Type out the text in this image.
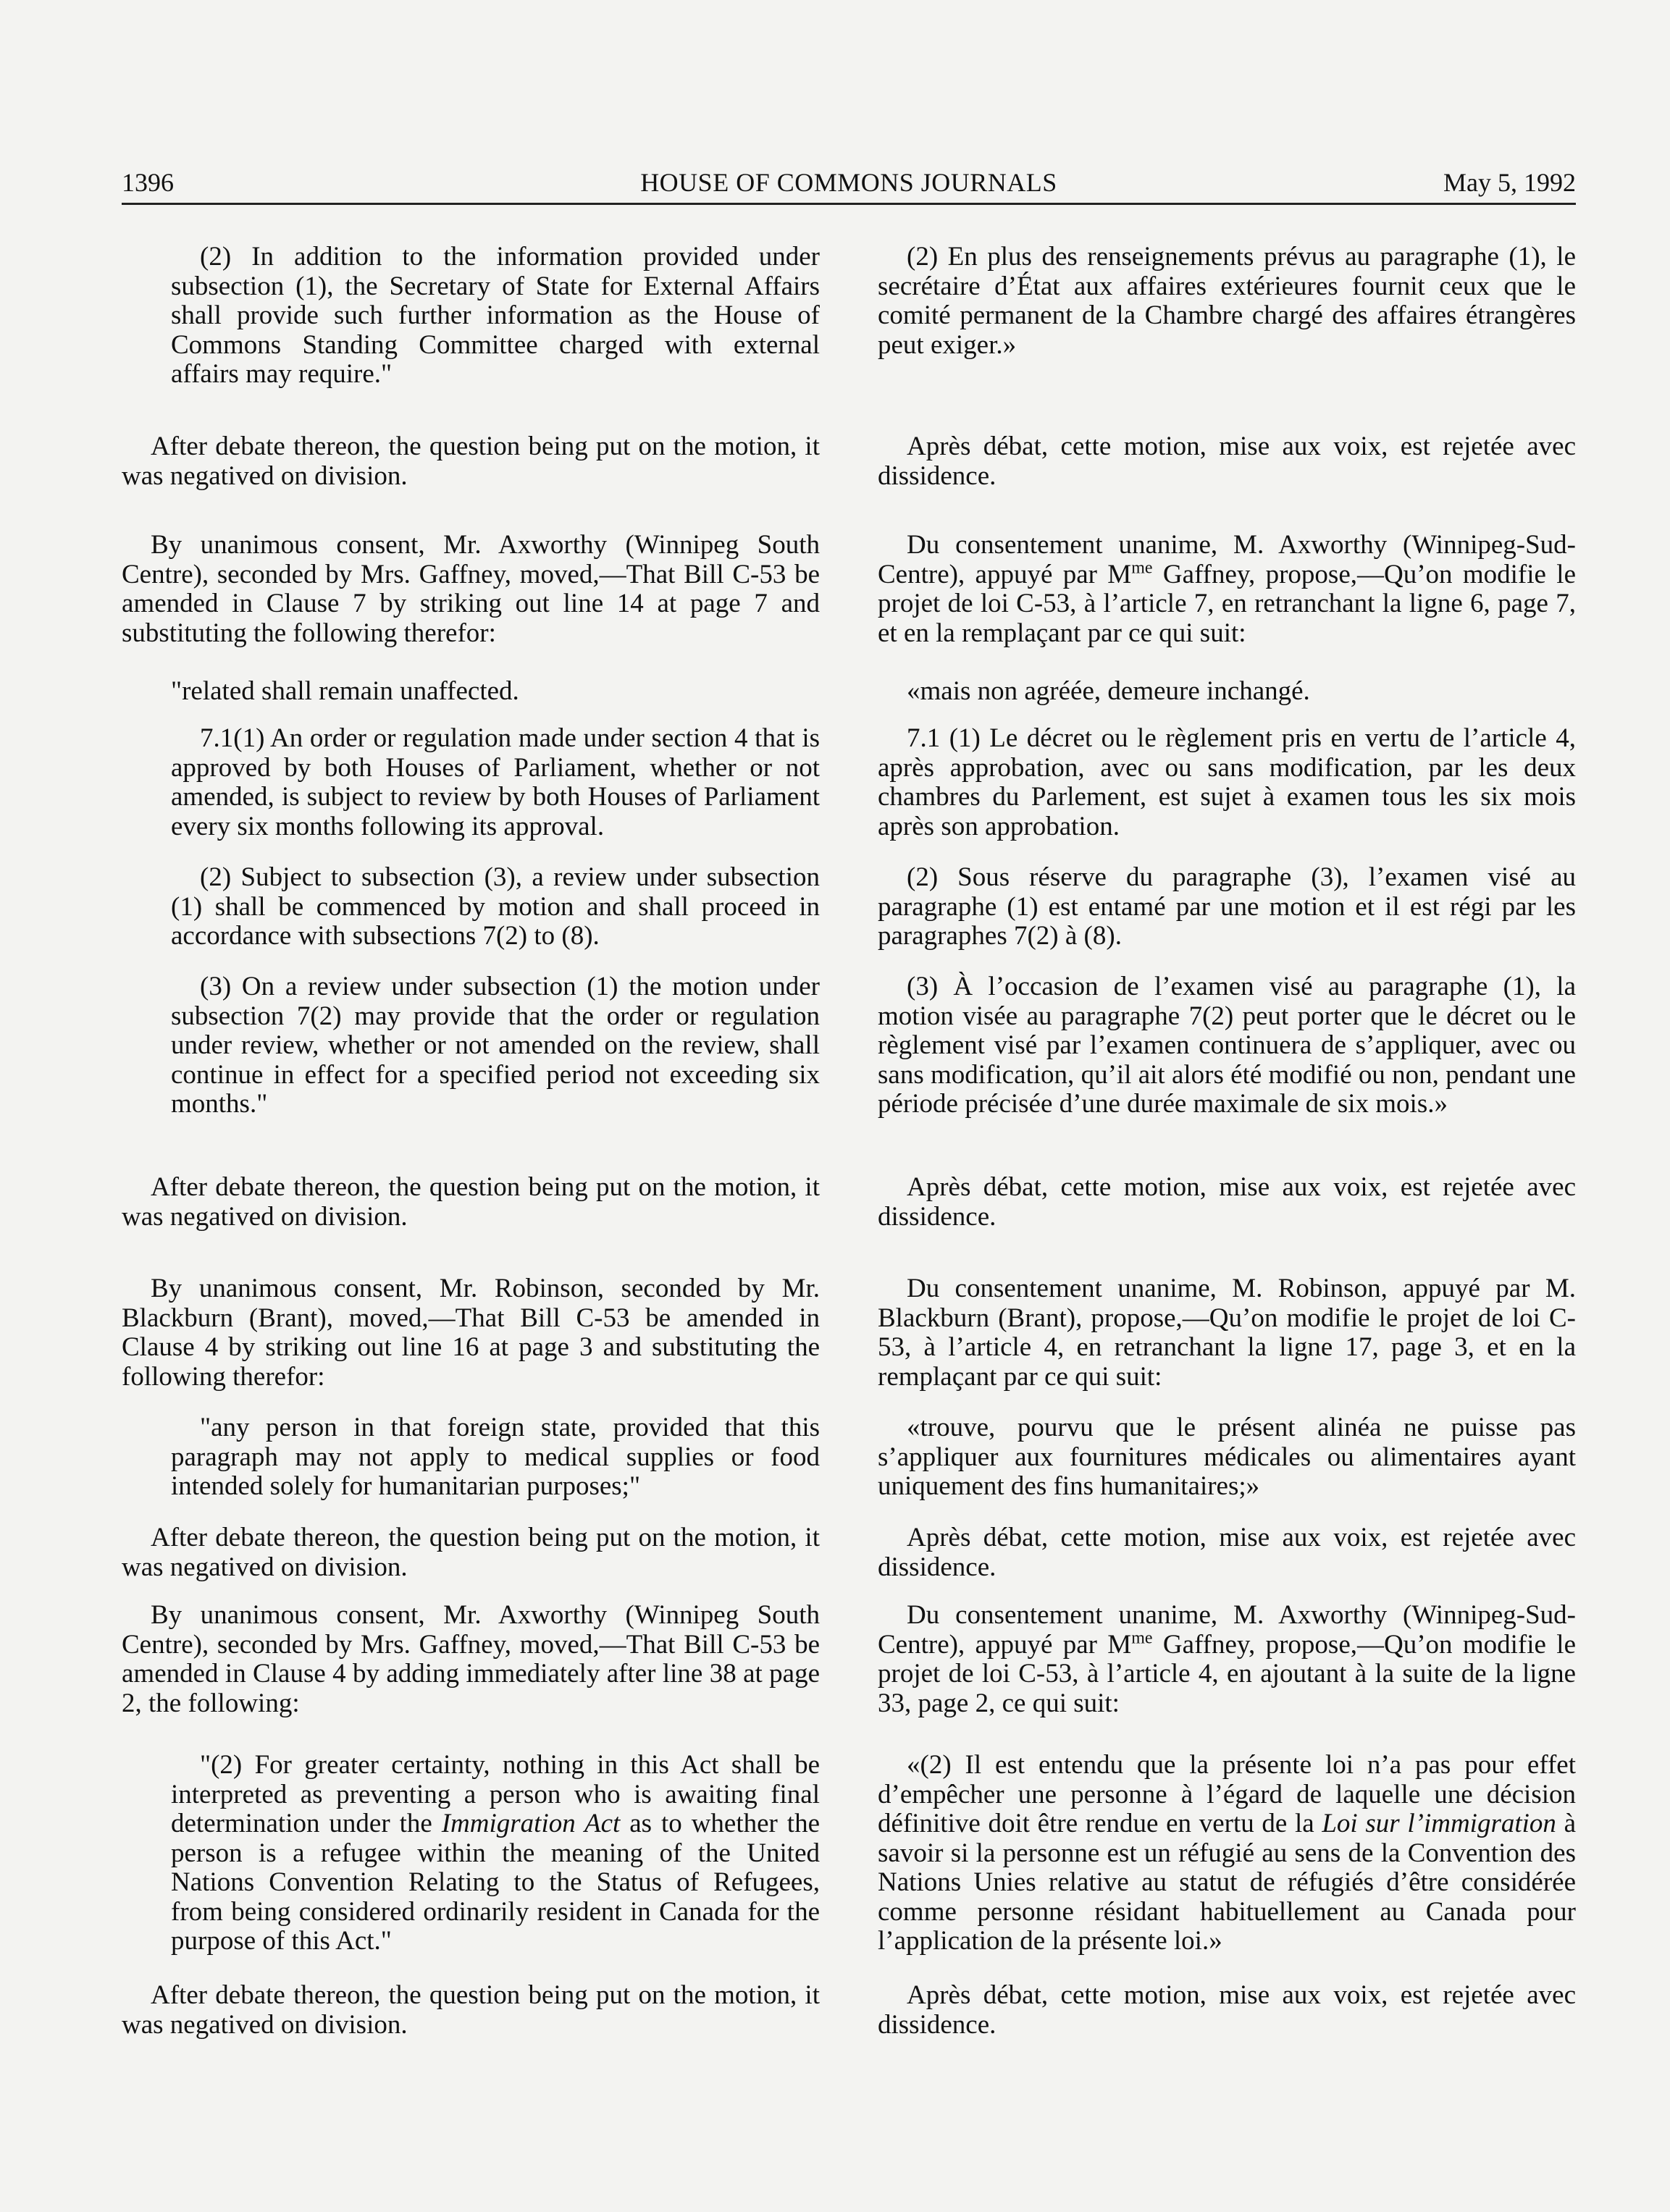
HOUSE OF COMMONS JOURNALS
1396	May 5, 1992

(2) In addition to the information provided under subsection (1), the Secretary of State for External Affairs shall provide such further information as the House of Commons Standing Committee charged with external affairs may require."

After debate thereon, the question being put on the motion, it was negatived on division.

By unanimous consent, Mr. Axworthy (Winnipeg South Centre), seconded by Mrs. Gaffney, moved,—That Bill C-53 be amended in Clause 7 by striking out line 14 at page 7 and substituting the following therefor:

"related shall remain unaffected.

7.1(1) An order or regulation made under section 4 that is approved by both Houses of Parliament, whether or not amended, is subject to review by both Houses of Parliament every six months following its approval.

(2) Subject to subsection (3), a review under subsection (1) shall be commenced by motion and shall proceed in accordance with subsections 7(2) to (8).

(3) On a review under subsection (1) the motion under subsection 7(2) may provide that the order or regulation under review, whether or not amended on the review, shall continue in effect for a specified period not exceeding six months."

After debate thereon, the question being put on the motion, it was negatived on division.

By unanimous consent, Mr. Robinson, seconded by Mr. Blackburn (Brant), moved,—That Bill C-53 be amended in Clause 4 by striking out line 16 at page 3 and substituting the following therefor:

"any person in that foreign state, provided that this paragraph may not apply to medical supplies or food intended solely for humanitarian purposes;"

After debate thereon, the question being put on the motion, it was negatived on division.

By unanimous consent, Mr. Axworthy (Winnipeg South Centre), seconded by Mrs. Gaffney, moved,—That Bill C-53 be amended in Clause 4 by adding immediately after line 38 at page 2, the following:

"(2) For greater certainty, nothing in this Act shall be interpreted as preventing a person who is awaiting final determination under the Immigration Act as to whether the person is a refugee within the meaning of the United Nations Convention Relating to the Status of Refugees, from being considered ordinarily resident in Canada for the purpose of this Act."

After debate thereon, the question being put on the motion, it was negatived on division.

(2) En plus des renseignements prévus au paragraphe (1), le secrétaire d’État aux affaires extérieures fournit ceux que le comité permanent de la Chambre chargé des affaires étrangères peut exiger.»

Après débat, cette motion, mise aux voix, est rejetée avec dissidence.

Du consentement unanime, M. Axworthy (Winnipeg-Sud-Centre), appuyé par $M^{me}$ Gaffney, propose,—Qu’on modifie le projet de loi C-53, à l’article 7, en retranchant la ligne 6, page 7, et en la remplaçant par ce qui suit:

«mais non agréée, demeure inchangé.

7.1 (1) Le décret ou le règlement pris en vertu de l’article 4, après approbation, avec ou sans modification, par les deux chambres du Parlement, est sujet à examen tous les six mois après son approbation.

(2) Sous réserve du paragraphe (3), l’examen visé au paragraphe (1) est entamé par une motion et il est régi par les paragraphes 7(2) à (8).

(3) À l’occasion de l’examen visé au paragraphe (1), la motion visée au paragraphe 7(2) peut porter que le décret ou le règlement visé par l’examen continuera de s’appliquer, avec ou sans modification, qu’il ait alors été modifié ou non, pendant une période précisée d’une durée maximale de six mois.»

Après débat, cette motion, mise aux voix, est rejetée avec dissidence.

Du consentement unanime, M. Robinson, appuyé par M. Blackburn (Brant), propose,—Qu’on modifie le projet de loi C-53, à l’article 4, en retranchant la ligne 17, page 3, et en la remplaçant par ce qui suit:

«trouve, pourvu que le présent alinéa ne puisse pas s’appliquer aux fournitures médicales ou alimentaires ayant uniquement des fins humanitaires;»

Après débat, cette motion, mise aux voix, est rejetée avec dissidence.

Du consentement unanime, M. Axworthy (Winnipeg-Sud-Centre), appuyé par $M^{me}$ Gaffney, propose,—Qu’on modifie le projet de loi C-53, à l’article 4, en ajoutant à la suite de la ligne 33, page 2, ce qui suit:
«(2) Il est entendu que la présente loi n’a pas pour effet d’empêcher une personne à l’égard de laquelle une décision définitive doit être rendue en vertu de la Loi sur l’immigration à savoir si la personne est un réfugié au sens de la Convention des Nations Unies relative au statut de réfugiés d’être considérée comme personne résidant habituellement au Canada pour l’application de la présente loi.»

Après débat, cette motion, mise aux voix, est rejetée avec dissidence.
